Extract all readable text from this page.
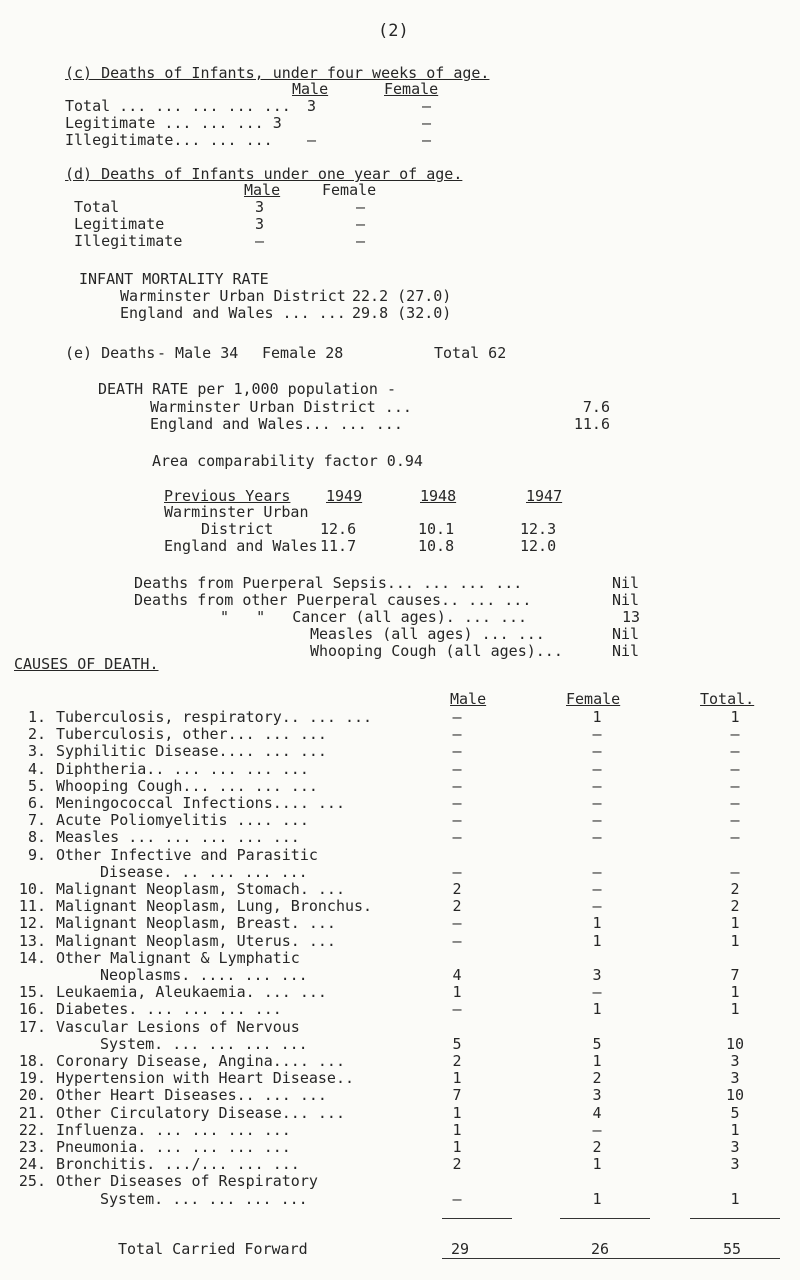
(2)
(c) Deaths of Infants, under four weeks of age.
Male	Female
Total ... ... ... ... ... 3	—
Legitimate ... ... ... 3	—
Illegitimate... ... ... —	—
(d) Deaths of Infants under one year of age.
Male	Female
Total	3	—
Legitimate	3	—
Illegitimate	—	—
INFANT MORTALITY RATE
Warminster Urban District 22.2 (27.0)
England and Wales ... ... 29.8 (32.0)
(e) Deaths - Male 34 Female 28	Total 62
DEATH RATE per 1,000 population -
Warminster Urban District ...	7.6
England and Wales... ... ...	11.6
Area comparability factor 0.94
Previous Years 1949	1948	1947
Warminster Urban
District	12.6	10.1	12.3
England and Wales 11.7	10.8	12.0
Deaths from Puerperal Sepsis... ... ... ...	Nil
Deaths from other Puerperal causes.. ... ...	Nil
"   "   Cancer (all ages). ... ...	13
Measles (all ages) ... ...	Nil
Whooping Cough (all ages)...	Nil
CAUSES OF DEATH.
Male	Female	Total.
1. Tuberculosis, respiratory.. ... ...	—	1	1
2. Tuberculosis, other... ... ...	—	—	—
3. Syphilitic Disease.... ... ...	—	—	—
4. Diphtheria.. ... ... ... ...	—	—	—
5. Whooping Cough... ... ... ...	—	—	—
6. Meningococcal Infections.... ...	—	—	—
7. Acute Poliomyelitis .... ...	—	—	—
8. Measles ... ... ... ... ...	—	—	—
9. Other Infective and Parasitic
Disease. .. ... ... ...	—	—	—
10. Malignant Neoplasm, Stomach. ...	2	—	2
11. Malignant Neoplasm, Lung, Bronchus.	2	—	2
12. Malignant Neoplasm, Breast. ...	—	1	1
13. Malignant Neoplasm, Uterus. ...	—	1	1
14. Other Malignant & Lymphatic
Neoplasms. .... ... ...	4	3	7
15. Leukaemia, Aleukaemia. ... ...	1	—	1
16. Diabetes. ... ... ... ...	—	1	1
17. Vascular Lesions of Nervous
System. ... ... ... ...	5	5	10
18. Coronary Disease, Angina.... ...	2	1	3
19. Hypertension with Heart Disease..	1	2	3
20. Other Heart Diseases.. ... ...	7	3	10
21. Other Circulatory Disease... ...	1	4	5
22. Influenza. ... ... ... ...	1	—	1
23. Pneumonia. ... ... ... ...	1	2	3
24. Bronchitis. .../... ... ...	2	1	3
25. Other Diseases of Respiratory
System. ... ... ... ...	—	1	1
Total Carried Forward	29	26	55
